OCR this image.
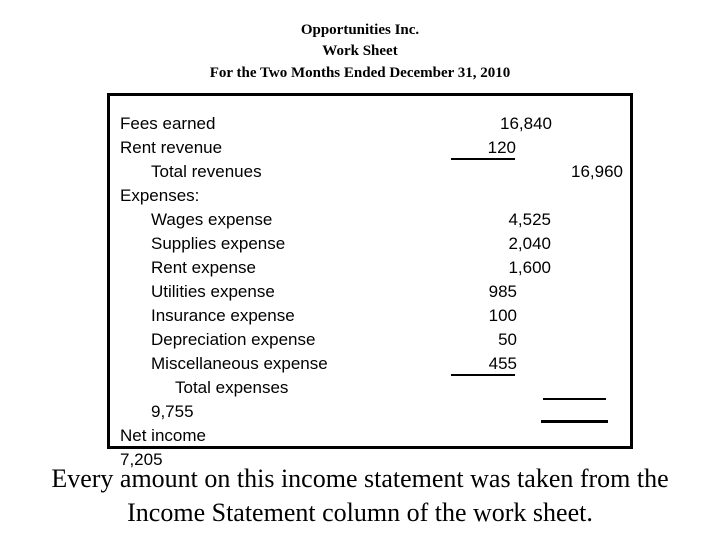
Opportunities Inc.
Work Sheet
For the Two Months Ended December 31, 2010
Fees earned
Rent revenue
Total revenues
Expenses:
Wages expense
Supplies expense
Rent expense
Utilities expense
Insurance expense
Depreciation expense
Miscellaneous expense
Total expenses
9,755
Net income
7,205
16,840
120
16,960
4,525
2,040
1,600
985
100
50
455
Every amount on this income statement was taken from the
Income Statement column of the work sheet.
